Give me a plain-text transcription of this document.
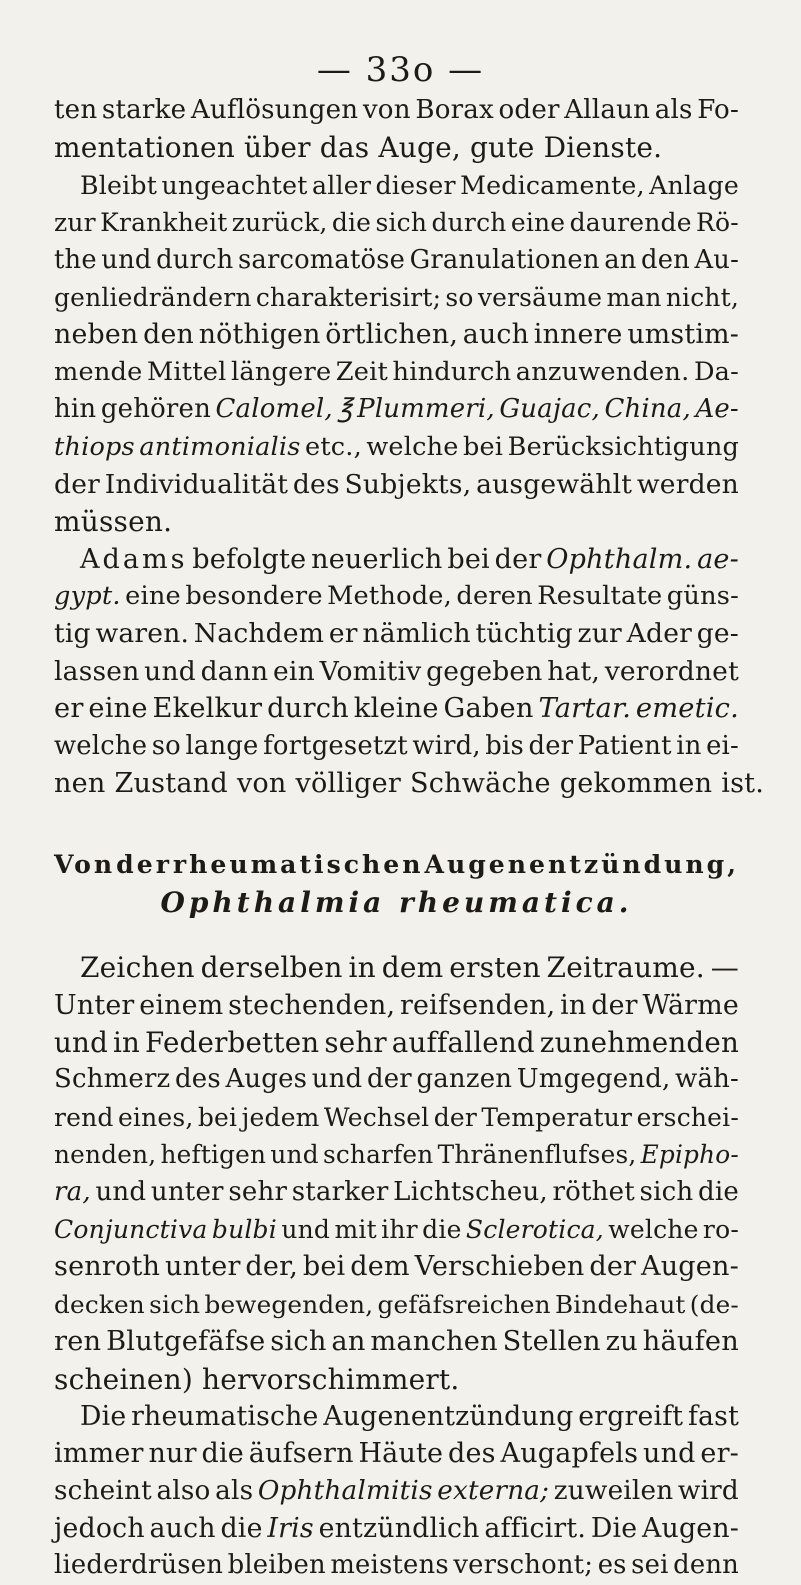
— 33o —
ten starke Auflösungen von Borax oder Allaun als Fo-
mentationen über das Auge, gute Dienste.
Bleibt ungeachtet aller dieser Medicamente, Anlage
zur Krankheit zurück, die sich durch eine daurende Rö-
the und durch sarcomatöse Granulationen an den Au-
genliedrändern charakterisirt; so versäume man nicht,
neben den nöthigen örtlichen, auch innere umstim-
mende Mittel längere Zeit hindurch anzuwenden. Da-
hin gehören Calomel, ℥ Plummeri, Guajac, China, Ae-
thiops antimonialis etc., welche bei Berücksichtigung
der Individualität des Subjekts, ausgewählt werden
müssen.
Adams befolgte neuerlich bei der Ophthalm. ae-
gypt. eine besondere Methode, deren Resultate güns-
tig waren. Nachdem er nämlich tüchtig zur Ader ge-
lassen und dann ein Vomitiv gegeben hat, verordnet
er eine Ekelkur durch kleine Gaben Tartar. emetic.
welche so lange fortgesetzt wird, bis der Patient in ei-
nen Zustand von völliger Schwäche gekommen ist.
Von der rheumatischen Augenentzündung,
Ophthalmia rheumatica.
Zeichen derselben in dem ersten Zeitraume. —
Unter einem stechenden, reifsenden, in der Wärme
und in Federbetten sehr auffallend zunehmenden
Schmerz des Auges und der ganzen Umgegend, wäh-
rend eines, bei jedem Wechsel der Temperatur erschei-
nenden, heftigen und scharfen Thränenflufses, Epipho-
ra, und unter sehr starker Lichtscheu, röthet sich die
Conjunctiva bulbi und mit ihr die Sclerotica, welche ro-
senroth unter der, bei dem Verschieben der Augen-
decken sich bewegenden, gefäfsreichen Bindehaut (de-
ren Blutgefäfse sich an manchen Stellen zu häufen
scheinen) hervorschimmert.
Die rheumatische Augenentzündung ergreift fast
immer nur die äufsern Häute des Augapfels und er-
scheint also als Ophthalmitis externa; zuweilen wird
jedoch auch die Iris entzündlich afficirt. Die Augen-
liederdrüsen bleiben meistens verschont; es sei denn
